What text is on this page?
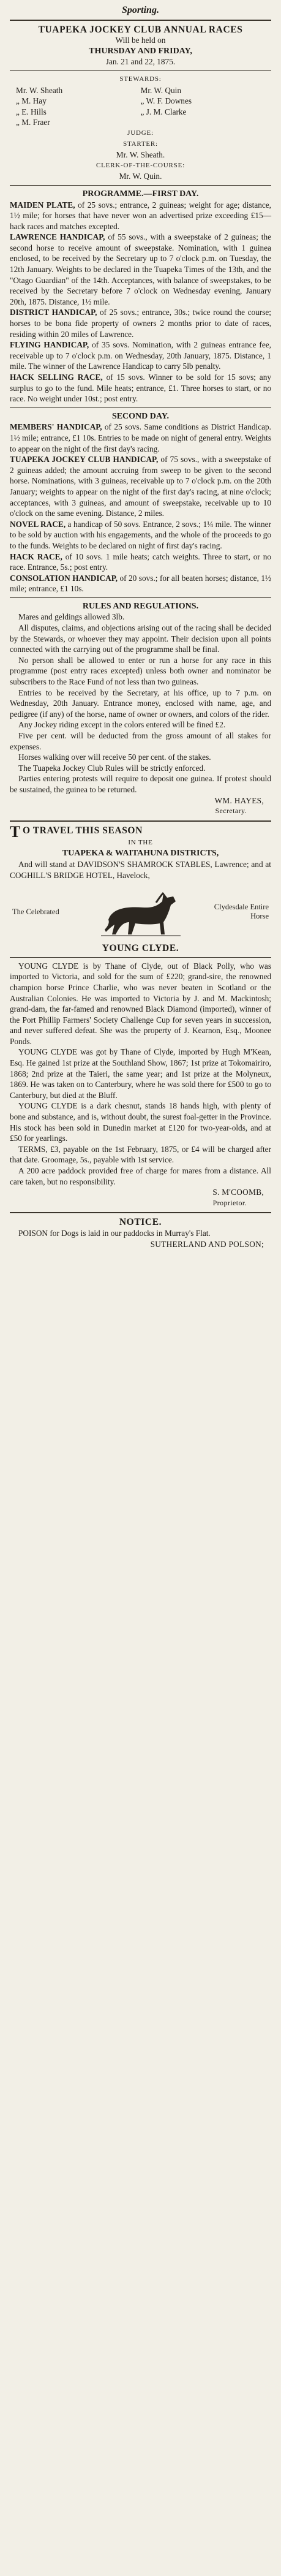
Sporting.
TUAPEKA JOCKEY CLUB ANNUAL RACES
Will be held on
THURSDAY AND FRIDAY,
Jan. 21 and 22, 1875.
STEWARDS:
Mr. W. Sheath	Mr. W. Quin
„ M. Hay	„ W. F. Downes
„ E. Hills	„ J. M. Clarke
„ M. Fraer
JUDGE:
STARTER:
Mr. W. Sheath.
CLERK-OF-THE-COURSE:
Mr. W. Quin.
PROGRAMME.—FIRST DAY.

MAIDEN PLATE, of 25 sovs.; entrance, 2 guineas; weight for age; distance, 1½ mile; for horses that have never won an advertised prize exceeding £15—hack races and matches excepted.

LAWRENCE HANDICAP, of 55 sovs., with a sweepstake of 2 guineas; the second horse to receive amount of sweepstake. Nomination, with 1 guinea enclosed, to be received by the Secretary up to 7 o'clock p.m. on Tuesday, the 12th January. Weights to be declared in the Tuapeka Times of the 13th, and the "Otago Guardian" of the 14th. Acceptances, with balance of sweepstakes, to be received by the Secretary before 7 o'clock on Wednesday evening, January 20th, 1875. Distance, 1½ mile.

DISTRICT HANDICAP, of 25 sovs.; entrance, 30s.; twice round the course; horses to be bona fide property of owners 2 months prior to date of races, residing within 20 miles of Lawrence.

FLYING HANDICAP, of 35 sovs. Nomination, with 2 guineas entrance fee, receivable up to 7 o'clock p.m. on Wednesday, 20th January, 1875. Distance, 1 mile. The winner of the Lawrence Handicap to carry 5lb penalty.

HACK SELLING RACE, of 15 sovs. Winner to be sold for 15 sovs; any surplus to go to the fund. Mile heats; entrance, £1. Three horses to start, or no race. No weight under 10st.; post entry.

SECOND DAY.

MEMBERS' HANDICAP, of 25 sovs. Same conditions as District Handicap. 1½ mile; entrance, £1 10s. Entries to be made on night of general entry. Weights to appear on the night of the first day's racing.

TUAPEKA JOCKEY CLUB HANDICAP, of 75 sovs., with a sweepstake of 2 guineas added; the amount accruing from sweep to be given to the second horse. Nominations, with 3 guineas, receivable up to 7 o'clock p.m. on the 20th January; weights to appear on the night of the first day's racing, at nine o'clock; acceptances, with 3 guineas, and amount of sweepstake, receivable up to 10 o'clock on the same evening. Distance, 2 miles.

NOVEL RACE, a handicap of 50 sovs. Entrance, 2 sovs.; 1¼ mile. The winner to be sold by auction with his engagements, and the whole of the proceeds to go to the funds. Weights to be declared on night of first day's racing.

HACK RACE, of 10 sovs. 1 mile heats; catch weights. Three to start, or no race. Entrance, 5s.; post entry.

CONSOLATION HANDICAP, of 20 sovs.; for all beaten horses; distance, 1½ mile; entrance, £1 10s.

RULES AND REGULATIONS.

Mares and geldings allowed 3lb.

All disputes, claims, and objections arising out of the racing shall be decided by the Stewards, or whoever they may appoint. Their decision upon all points connected with the carrying out of the programme shall be final.

No person shall be allowed to enter or run a horse for any race in this programme (post entry races excepted) unless both owner and nominator be subscribers to the Race Fund of not less than two guineas.

Entries to be received by the Secretary, at his office, up to 7 p.m. on Wednesday, 20th January. Entrance money, enclosed with name, age, and pedigree (if any) of the horse, name of owner or owners, and colors of the rider.

Any Jockey riding except in the colors entered will be fined £2.

Five per cent. will be deducted from the gross amount of all stakes for expenses.

Horses walking over will receive 50 per cent. of the stakes.

The Tuapeka Jockey Club Rules will be strictly enforced.

Parties entering protests will require to deposit one guinea. If protest should be sustained, the guinea to be returned.

WM. HAYES,

Secretary.

T O TRAVEL THIS SEASON
IN THE
TUAPEKA & WAITAHUNA DISTRICTS,

And will stand at DAVIDSON'S SHAMROCK STABLES, Lawrence; and at COGHILL'S BRIDGE HOTEL, Havelock,

The Celebrated
Clydesdale Entire Horse
YOUNG CLYDE.

YOUNG CLYDE is by Thane of Clyde, out of Black Polly, who was imported to Victoria, and sold for the sum of £220; grand-sire, the renowned champion horse Prince Charlie, who was never beaten in Scotland or the Australian Colonies. He was imported to Victoria by J. and M. Mackintosh; grand-dam, the far-famed and renowned Black Diamond (imported), winner of the Port Phillip Farmers' Society Challenge Cup for seven years in succession, and never suffered defeat. She was the property of J. Kearnon, Esq., Moonee Ponds.

YOUNG CLYDE was got by Thane of Clyde, imported by Hugh M'Kean, Esq. He gained 1st prize at the Southland Show, 1867; 1st prize at Tokomairiro, 1868; 2nd prize at the Taieri, the same year; and 1st prize at the Molyneux, 1869. He was taken on to Canterbury, where he was sold there for £500 to go to Canterbury, but died at the Bluff.

YOUNG CLYDE is a dark chesnut, stands 18 hands high, with plenty of bone and substance, and is, without doubt, the surest foal-getter in the Province. His stock has been sold in Dunedin market at £120 for two-year-olds, and at £50 for yearlings.

TERMS, £3, payable on the 1st February, 1875, or £4 will be charged after that date. Groomage, 5s., payable with 1st service.

A 200 acre paddock provided free of charge for mares from a distance. All care taken, but no responsibility.

S. M'COOMB,

Proprietor.

NOTICE.

POISON for Dogs is laid in our paddocks in Murray's Flat.

SUTHERLAND AND POLSON;
